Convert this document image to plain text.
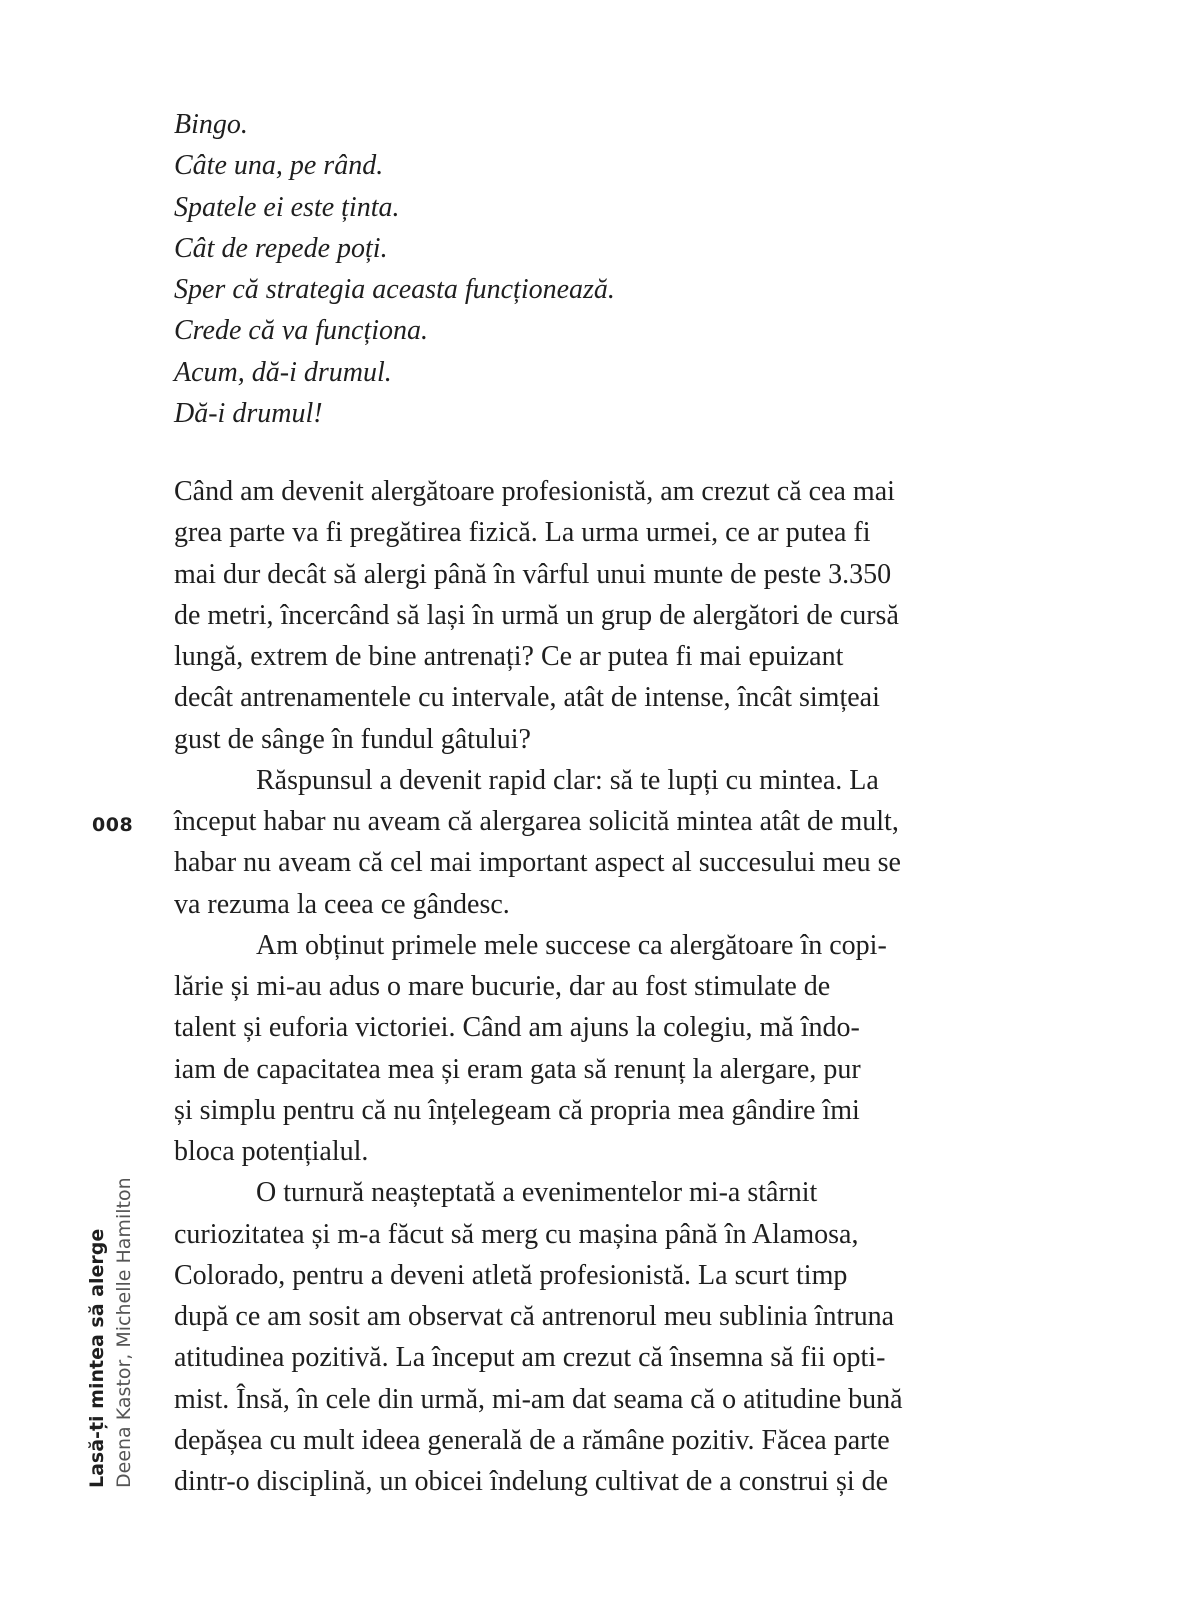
Bingo.
Câte una, pe rând.
Spatele ei este ținta.
Cât de repede poți.
Sper că strategia aceasta funcționează.
Crede că va funcționa.
Acum, dă-i drumul.
Dă-i drumul!
Când am devenit alergătoare profesionistă, am crezut că cea mai
grea parte va fi pregătirea fizică. La urma urmei, ce ar putea fi
mai dur decât să alergi până în vârful unui munte de peste 3.350
de metri, încercând să lași în urmă un grup de alergători de cursă
lungă, extrem de bine antrenați? Ce ar putea fi mai epuizant
decât antrenamentele cu intervale, atât de intense, încât simțeai
gust de sânge în fundul gâtului?
Răspunsul a devenit rapid clar: să te lupți cu mintea. La
început habar nu aveam că alergarea solicită mintea atât de mult,
habar nu aveam că cel mai important aspect al succesului meu se
va rezuma la ceea ce gândesc.
Am obținut primele mele succese ca alergătoare în copi-
lărie și mi-au adus o mare bucurie, dar au fost stimulate de
talent și euforia victoriei. Când am ajuns la colegiu, mă îndo-
iam de capacitatea mea și eram gata să renunț la alergare, pur
și simplu pentru că nu înțelegeam că propria mea gândire îmi
bloca potențialul.
O turnură neașteptată a evenimentelor mi-a stârnit
curiozitatea și m-a făcut să merg cu mașina până în Alamosa,
Colorado, pentru a deveni atletă profesionistă. La scurt timp
după ce am sosit am observat că antrenorul meu sublinia întruna
atitudinea pozitivă. La început am crezut că însemna să fii opti-
mist. Însă, în cele din urmă, mi-am dat seama că o atitudine bună
depășea cu mult ideea generală de a rămâne pozitiv. Făcea parte
dintr-o disciplină, un obicei îndelung cultivat de a construi și de
008
Lasă-ți mintea să alerge Deena Kastor, Michelle Hamilton
